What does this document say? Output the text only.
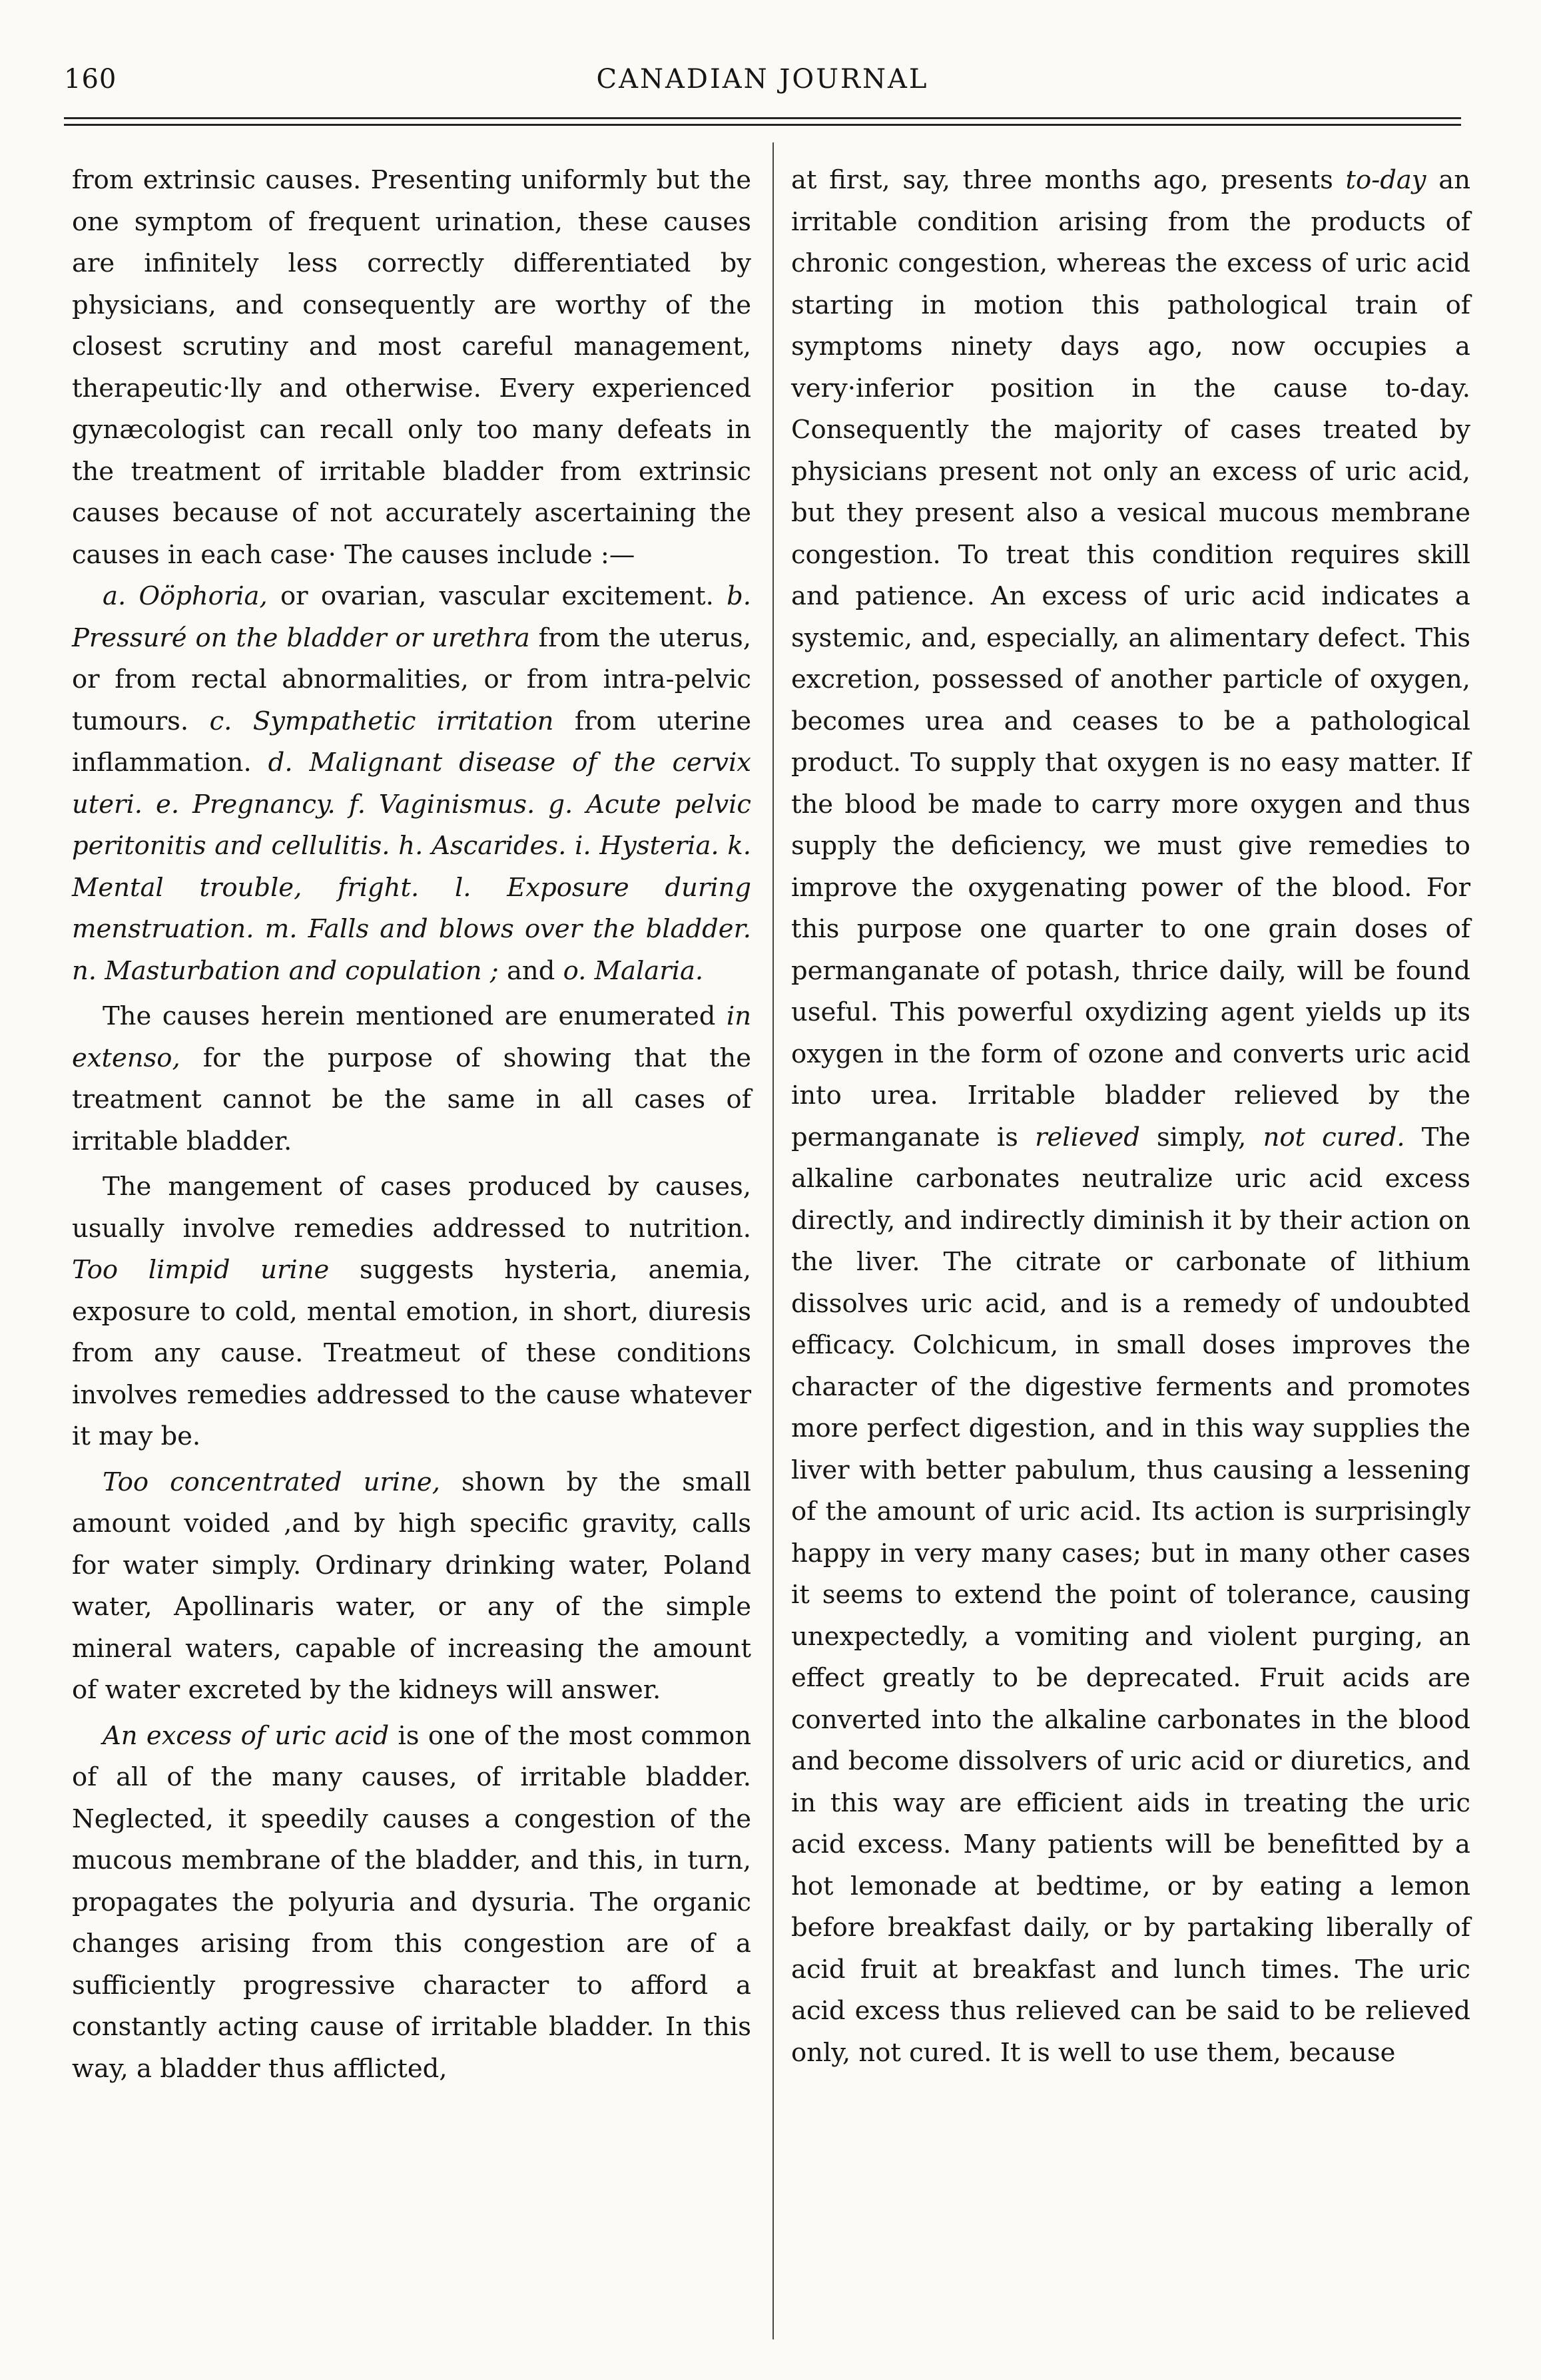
160	CANADIAN JOURNAL

from extrinsic causes. Presenting uniformly but the one symptom of frequent urination, these causes are infinitely less correctly differentiated by physicians, and consequently are worthy of the closest scrutiny and most careful management, therapeutic·lly and otherwise. Every experienced gynæcologist can recall only too many defeats in the treatment of irritable bladder from extrinsic causes because of not accurately ascertaining the causes in each case· The causes include :—

a. Oöphoria, or ovarian, vascular excitement. b. Pressuré on the bladder or urethra from the uterus, or from rectal abnormalities, or from intra-pelvic tumours. c. Sympathetic irritation from uterine inflammation. d. Malignant disease of the cervix uteri. e. Pregnancy. f. Vaginismus. g. Acute pelvic peritonitis and cellulitis. h. Ascarides. i. Hysteria. k. Mental trouble, fright. l. Exposure during menstruation. m. Falls and blows over the bladder. n. Masturbation and copulation ; and o. Malaria.

The causes herein mentioned are enumerated in extenso, for the purpose of showing that the treatment cannot be the same in all cases of irritable bladder.

The mangement of cases produced by causes, usually involve remedies addressed to nutrition. Too limpid urine suggests hysteria, anemia, exposure to cold, mental emotion, in short, diuresis from any cause. Treatmeut of these conditions involves remedies addressed to the cause whatever it may be.

Too concentrated urine, shown by the small amount voided ,and by high specific gravity, calls for water simply. Ordinary drinking water, Poland water, Apollinaris water, or any of the simple mineral waters, capable of increasing the amount of water excreted by the kidneys will answer.

An excess of uric acid is one of the most common of all of the many causes, of irritable bladder. Neglected, it speedily causes a congestion of the mucous membrane of the bladder, and this, in turn, propagates the polyuria and dysuria. The organic changes arising from this congestion are of a sufficiently progressive character to afford a constantly acting cause of irritable bladder. In this way, a bladder thus afflicted,

at first, say, three months ago, presents to-day an irritable condition arising from the products of chronic congestion, whereas the excess of uric acid starting in motion this pathological train of symptoms ninety days ago, now occupies a very·inferior position in the cause to-day. Consequently the majority of cases treated by physicians present not only an excess of uric acid, but they present also a vesical mucous membrane congestion. To treat this condition requires skill and patience. An excess of uric acid indicates a systemic, and, especially, an alimentary defect. This excretion, possessed of another particle of oxygen, becomes urea and ceases to be a pathological product. To supply that oxygen is no easy matter. If the blood be made to carry more oxygen and thus supply the deficiency, we must give remedies to improve the oxygenating power of the blood. For this purpose one quarter to one grain doses of permanganate of potash, thrice daily, will be found useful. This powerful oxydizing agent yields up its oxygen in the form of ozone and converts uric acid into urea. Irritable bladder relieved by the permanganate is relieved simply, not cured. The alkaline carbonates neutralize uric acid excess directly, and indirectly diminish it by their action on the liver. The citrate or carbonate of lithium dissolves uric acid, and is a remedy of undoubted efficacy. Colchicum, in small doses improves the character of the digestive ferments and promotes more perfect digestion, and in this way supplies the liver with better pabulum, thus causing a lessening of the amount of uric acid. Its action is surprisingly happy in very many cases; but in many other cases it seems to extend the point of tolerance, causing unexpectedly, a vomiting and violent purging, an effect greatly to be deprecated. Fruit acids are converted into the alkaline carbonates in the blood and become dissolvers of uric acid or diuretics, and in this way are efficient aids in treating the uric acid excess. Many patients will be benefitted by a hot lemonade at bedtime, or by eating a lemon before breakfast daily, or by partaking liberally of acid fruit at breakfast and lunch times. The uric acid excess thus relieved can be said to be relieved only, not cured. It is well to use them, because
